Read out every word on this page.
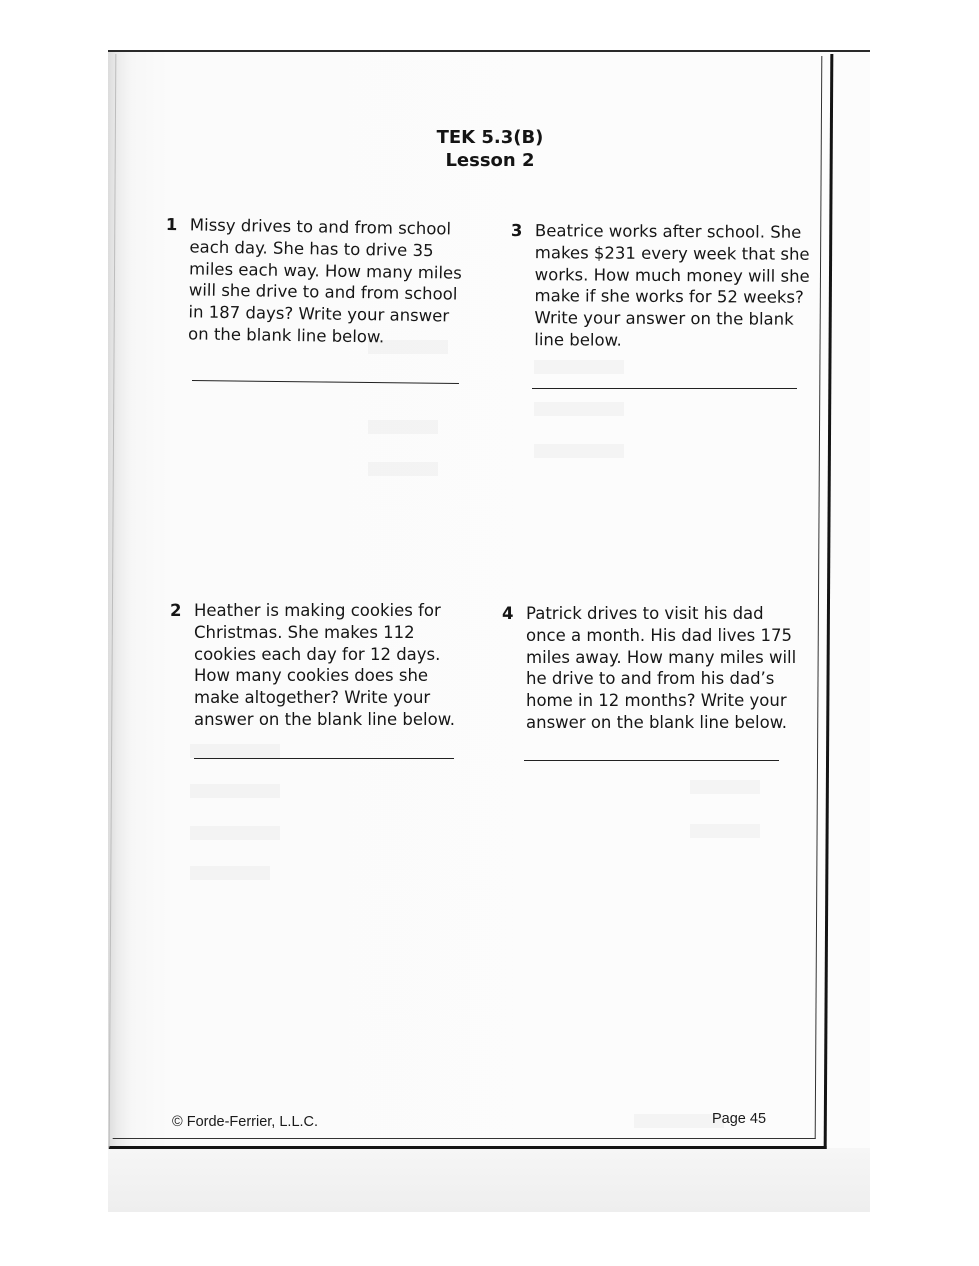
TEK 5.3(B)
Lesson 2
1 Missy drives to and from school
each day. She has to drive 35
miles each way. How many miles
will she drive to and from school
in 187 days? Write your answer
on the blank line below.
3 Beatrice works after school. She
makes $231 every week that she
works. How much money will she
make if she works for 52 weeks?
Write your answer on the blank
line below.
2 Heather is making cookies for
Christmas. She makes 112
cookies each day for 12 days.
How many cookies does she
make altogether? Write your
answer on the blank line below.
4 Patrick drives to visit his dad
once a month. His dad lives 175
miles away. How many miles will
he drive to and from his dad’s
home in 12 months? Write your
answer on the blank line below.
© Forde-Ferrier, L.L.C.	Page 45
